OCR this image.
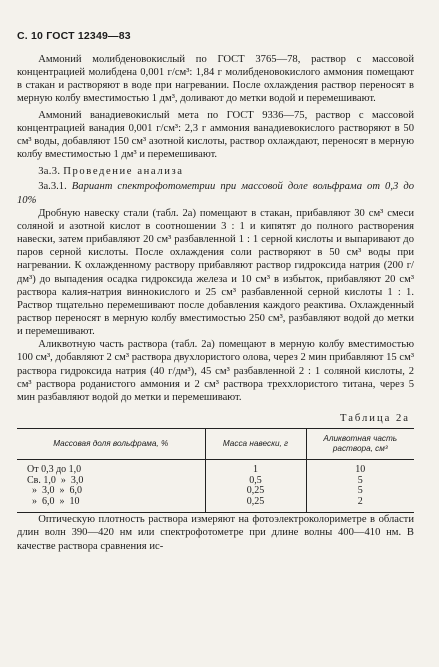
С. 10 ГОСТ 12349—83

Аммоний молибденовокислый по ГОСТ 3765—78, раствор с массовой концентрацией молибдена 0,001 г/см³: 1,84 г молибденовокислого аммония помещают в стакан и растворяют в воде при нагревании. После охлаждения раствор переносят в мерную колбу вместимостью 1 дм³, доливают до метки водой и перемешивают.

Аммоний ванадиевокислый мета по ГОСТ 9336—75, раствор с массовой концентрацией ванадия 0,001 г/см³: 2,3 г аммония ванадиевокислого растворяют в 50 см³ воды, добавляют 150 см³ азотной кислоты, раствор охлаждают, переносят в мерную колбу вместимостью 1 дм³ и перемешивают.

3а.3. Проведение анализа

3а.3.1. Вариант спектрофотометрии при массовой доле вольфрама от 0,3 до 10%

Дробную навеску стали (табл. 2а) помещают в стакан, прибавляют 30 см³ смеси соляной и азотной кислот в соотношении 3 : 1 и кипятят до полного растворения навески, затем прибавляют 20 см³ разбавленной 1 : 1 серной кислоты и выпаривают до паров серной кислоты. После охлаждения соли растворяют в 50 см³ воды при нагревании. К охлажденному раствору прибавляют раствор гидроксида натрия (200 г/дм³) до выпадения осадка гидроксида железа и 10 см³ в избыток, прибавляют 20 см³ раствора калия-натрия виннокислого и 25 см³ разбавленной серной кислоты 1 : 1. Раствор тщательно перемешивают после добавления каждого реактива. Охлажденный раствор переносят в мерную колбу вместимостью 250 см³, разбавляют водой до метки и перемешивают.

Аликвотную часть раствора (табл. 2а) помещают в мерную колбу вместимостью 100 см³, добавляют 2 см³ раствора двухлористого олова, через 2 мин прибавляют 15 см³ раствора гидроксида натрия (40 г/дм³), 45 см³ разбавленной 2 : 1 соляной кислоты, 2 см³ раствора роданистого аммония и 2 см³ раствора треххлористого титана, через 5 мин разбавляют водой до метки и перемешивают.

Таблица 2а
Массовая доля вольфрама, %	Масса навески, г	Аликвотная часть раствора, см³
От 0,3 до 1,0	1	10
Св. 1,0  »  3,0	0,5	5
»  3,0  »  6,0	0,25	5
»  6,0  »  10	0,25	2

Оптическую плотность раствора измеряют на фотоэлектроколориметре в области длин волн 390—420 нм или спектрофотометре при длине волны 400—410 нм. В качестве раствора сравнения ис-
